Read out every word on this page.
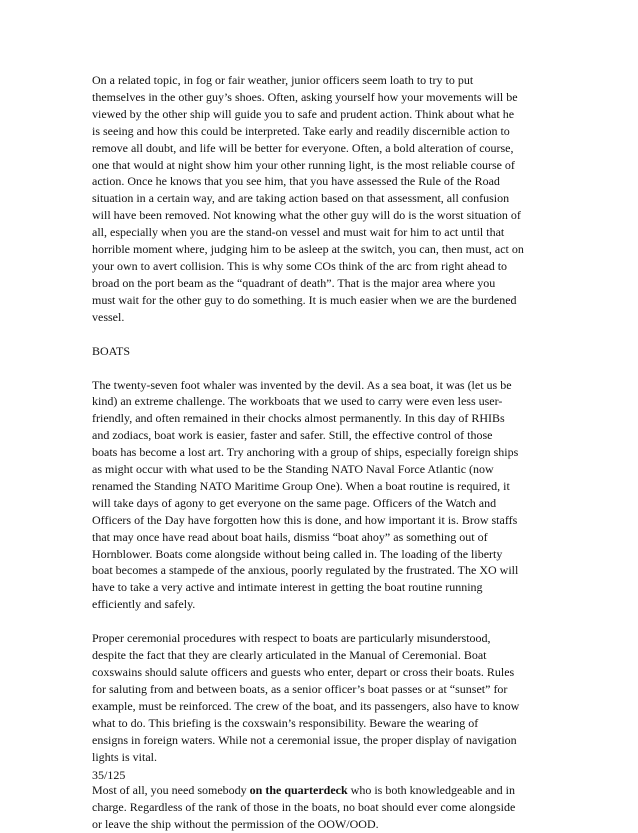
On a related topic, in fog or fair weather, junior officers seem loath to try to put
themselves in the other guy’s shoes. Often, asking yourself how your movements will be
viewed by the other ship will guide you to safe and prudent action. Think about what he
is seeing and how this could be interpreted. Take early and readily discernible action to
remove all doubt, and life will be better for everyone. Often, a bold alteration of course,
one that would at night show him your other running light, is the most reliable course of
action. Once he knows that you see him, that you have assessed the Rule of the Road
situation in a certain way, and are taking action based on that assessment, all confusion
will have been removed. Not knowing what the other guy will do is the worst situation of
all, especially when you are the stand-on vessel and must wait for him to act until that
horrible moment where, judging him to be asleep at the switch, you can, then must, act on
your own to avert collision. This is why some COs think of the arc from right ahead to
broad on the port beam as the “quadrant of death”. That is the major area where you
must wait for the other guy to do something. It is much easier when we are the burdened
vessel.

BOATS

The twenty-seven foot whaler was invented by the devil. As a sea boat, it was (let us be
kind) an extreme challenge. The workboats that we used to carry were even less user-
friendly, and often remained in their chocks almost permanently. In this day of RHIBs
and zodiacs, boat work is easier, faster and safer. Still, the effective control of those
boats has become a lost art. Try anchoring with a group of ships, especially foreign ships
as might occur with what used to be the Standing NATO Naval Force Atlantic (now
renamed the Standing NATO Maritime Group One). When a boat routine is required, it
will take days of agony to get everyone on the same page. Officers of the Watch and
Officers of the Day have forgotten how this is done, and how important it is. Brow staffs
that may once have read about boat hails, dismiss “boat ahoy” as something out of
Hornblower. Boats come alongside without being called in. The loading of the liberty
boat becomes a stampede of the anxious, poorly regulated by the frustrated. The XO will
have to take a very active and intimate interest in getting the boat routine running
efficiently and safely.

Proper ceremonial procedures with respect to boats are particularly misunderstood,
despite the fact that they are clearly articulated in the Manual of Ceremonial. Boat
coxswains should salute officers and guests who enter, depart or cross their boats. Rules
for saluting from and between boats, as a senior officer’s boat passes or at “sunset” for
example, must be reinforced. The crew of the boat, and its passengers, also have to know
what to do. This briefing is the coxswain’s responsibility. Beware the wearing of
ensigns in foreign waters. While not a ceremonial issue, the proper display of navigation
lights is vital.

Most of all, you need somebody on the quarterdeck who is both knowledgeable and in
charge. Regardless of the rank of those in the boats, no boat should ever come alongside
or leave the ship without the permission of the OOW/OOD.

35/125
